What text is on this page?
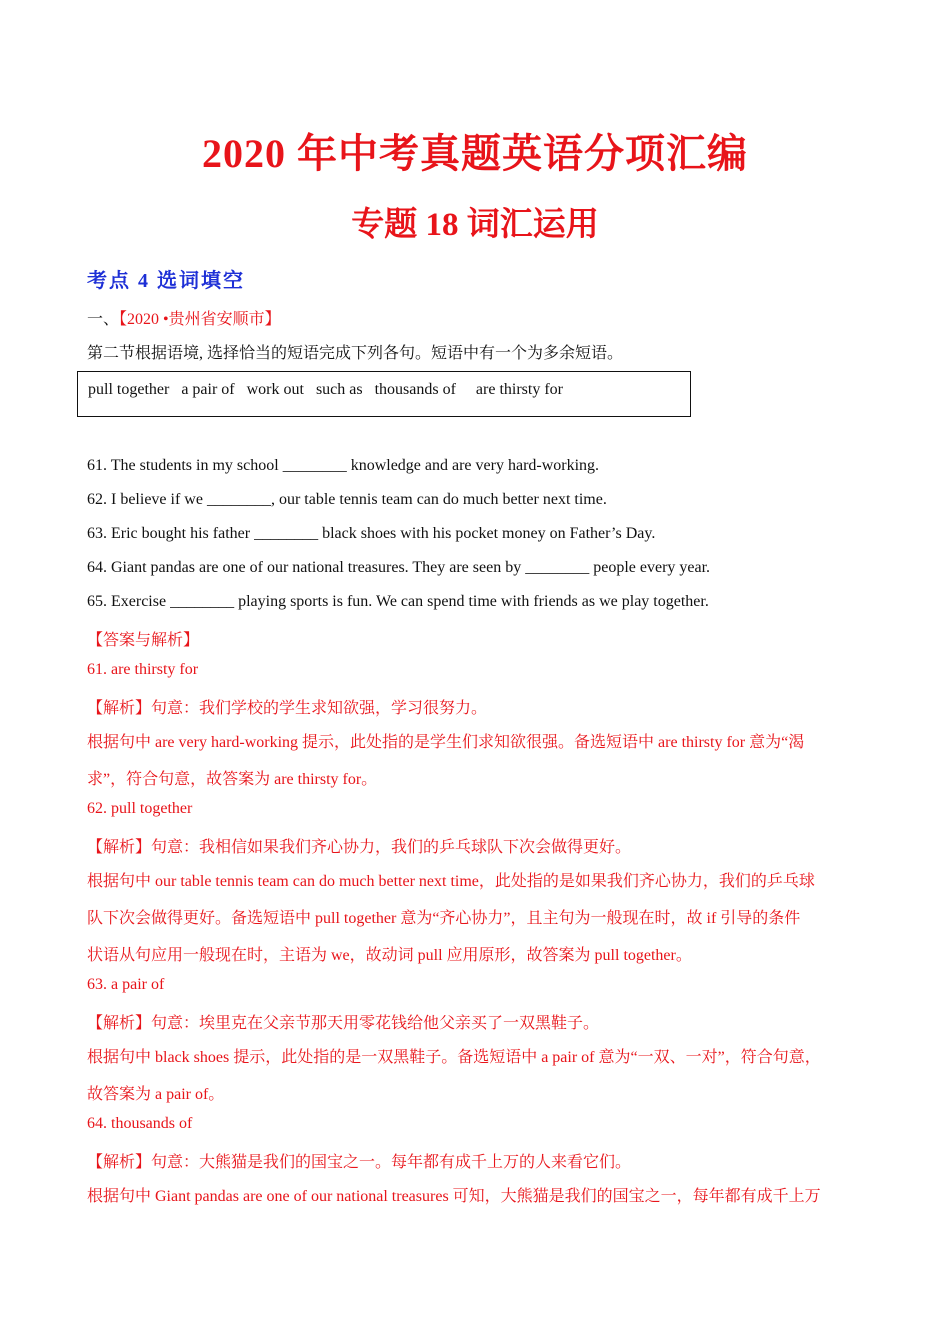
2020 年中考真题英语分项汇编
专题 18 词汇运用
考点 4 选词填空
一、【2020 •贵州省安顺市】
第二节根据语境, 选择恰当的短语完成下列各句。短语中有一个为多余短语。
pull together   a pair of   work out   such as   thousands of     are thirsty for
61. The students in my school ________ knowledge and are very hard-working.
62. I believe if we ________, our table tennis team can do much better next time.
63. Eric bought his father ________ black shoes with his pocket money on Father’s Day.
64. Giant pandas are one of our national treasures. They are seen by ________ people every year.
65. Exercise ________ playing sports is fun. We can spend time with friends as we play together.
【答案与解析】
61. are thirsty for
【解析】句意：我们学校的学生求知欲强，学习很努力。
根据句中 are very hard-working 提示，此处指的是学生们求知欲很强。备选短语中 are thirsty for 意为“渴
求”，符合句意，故答案为 are thirsty for。
62. pull together
【解析】句意：我相信如果我们齐心协力，我们的乒乓球队下次会做得更好。
根据句中 our table tennis team can do much better next time，此处指的是如果我们齐心协力，我们的乒乓球
队下次会做得更好。备选短语中 pull together 意为“齐心协力”，且主句为一般现在时，故 if 引导的条件
状语从句应用一般现在时，主语为 we，故动词 pull 应用原形，故答案为 pull together。
63. a pair of
【解析】句意：埃里克在父亲节那天用零花钱给他父亲买了一双黑鞋子。
根据句中 black shoes 提示，此处指的是一双黑鞋子。备选短语中 a pair of 意为“一双、一对”，符合句意，
故答案为 a pair of。
64. thousands of
【解析】句意：大熊猫是我们的国宝之一。每年都有成千上万的人来看它们。
根据句中 Giant pandas are one of our national treasures 可知，大熊猫是我们的国宝之一，每年都有成千上万
